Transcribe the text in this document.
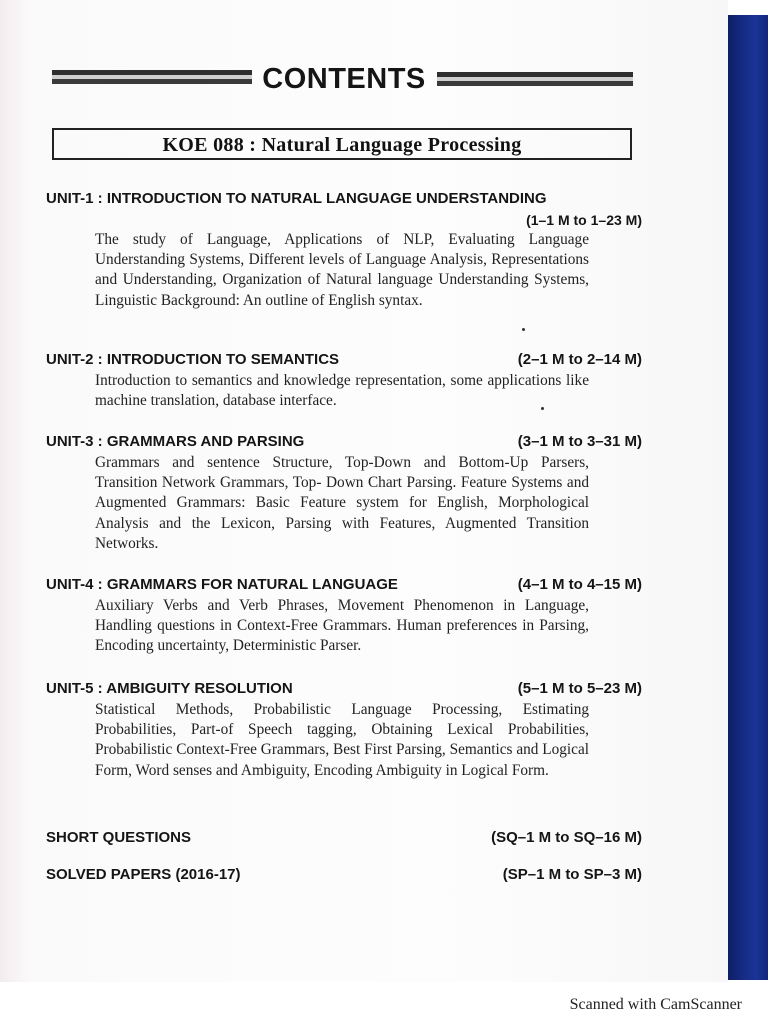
CONTENTS
KOE 088 : Natural Language Processing
UNIT-1 : INTRODUCTION TO NATURAL LANGUAGE UNDERSTANDING
(1–1 M to 1–23 M)
The study of Language, Applications of NLP, Evaluating Language Understanding Systems, Different levels of Language Analysis, Representations and Understanding, Organization of Natural language Understanding Systems, Linguistic Background: An outline of English syntax.
UNIT-2 : INTRODUCTION TO SEMANTICS	(2–1 M to 2–14 M)
Introduction to semantics and knowledge representation, some applications like machine translation, database interface.
UNIT-3 : GRAMMARS AND PARSING	(3–1 M to 3–31 M)
Grammars and sentence Structure, Top-Down and Bottom-Up Parsers, Transition Network Grammars, Top- Down Chart Parsing. Feature Systems and Augmented Grammars: Basic Feature system for English, Morphological Analysis and the Lexicon, Parsing with Features, Augmented Transition Networks.
UNIT-4 : GRAMMARS FOR NATURAL LANGUAGE	(4–1 M to 4–15 M)
Auxiliary Verbs and Verb Phrases, Movement Phenomenon in Language, Handling questions in Context-Free Grammars. Human preferences in Parsing, Encoding uncertainty, Deterministic Parser.
UNIT-5 : AMBIGUITY RESOLUTION	(5–1 M to 5–23 M)
Statistical Methods, Probabilistic Language Processing, Estimating Probabilities, Part-of Speech tagging, Obtaining Lexical Probabilities, Probabilistic Context-Free Grammars, Best First Parsing, Semantics and Logical Form, Word senses and Ambiguity, Encoding Ambiguity in Logical Form.
SHORT QUESTIONS	(SQ–1 M to SQ–16 M)
SOLVED PAPERS (2016-17)	(SP–1 M to SP–3 M)
Scanned with CamScanner
